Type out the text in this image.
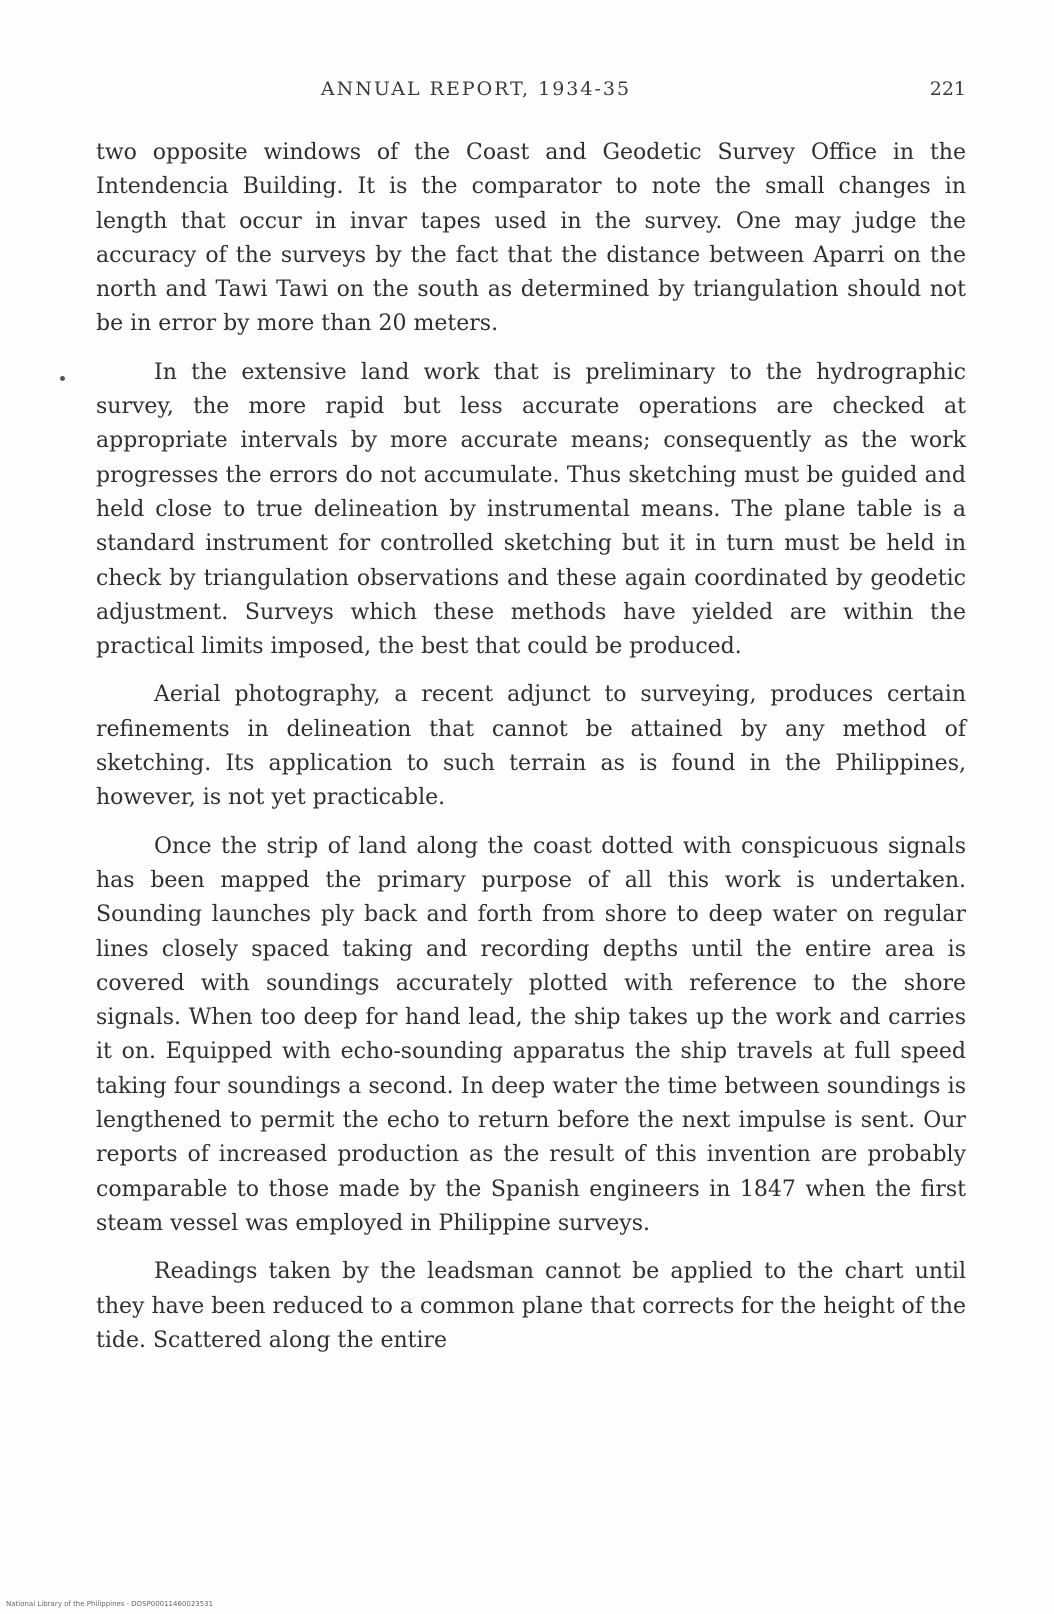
ANNUAL REPORT, 1934-35	221

two opposite windows of the Coast and Geodetic Survey Office in the Intendencia Building. It is the comparator to note the small changes in length that occur in invar tapes used in the survey. One may judge the accuracy of the surveys by the fact that the distance between Aparri on the north and Tawi Tawi on the south as determined by triangulation should not be in error by more than 20 meters.

In the extensive land work that is preliminary to the hydrographic survey, the more rapid but less accurate operations are checked at appropriate intervals by more accurate means; consequently as the work progresses the errors do not accumulate. Thus sketching must be guided and held close to true delineation by instrumental means. The plane table is a standard instrument for controlled sketching but it in turn must be held in check by triangulation observations and these again coordinated by geodetic adjustment. Surveys which these methods have yielded are within the practical limits imposed, the best that could be produced.

Aerial photography, a recent adjunct to surveying, produces certain refinements in delineation that cannot be attained by any method of sketching. Its application to such terrain as is found in the Philippines, however, is not yet practicable.

Once the strip of land along the coast dotted with conspicuous signals has been mapped the primary purpose of all this work is undertaken. Sounding launches ply back and forth from shore to deep water on regular lines closely spaced taking and recording depths until the entire area is covered with soundings accurately plotted with reference to the shore signals. When too deep for hand lead, the ship takes up the work and carries it on. Equipped with echo-sounding apparatus the ship travels at full speed taking four soundings a second. In deep water the time between soundings is lengthened to permit the echo to return before the next impulse is sent. Our reports of increased production as the result of this invention are probably comparable to those made by the Spanish engineers in 1847 when the first steam vessel was employed in Philippine surveys.

Readings taken by the leadsman cannot be applied to the chart until they have been reduced to a common plane that corrects for the height of the tide. Scattered along the entire

National Library of the Philippines · DOSP00011460023531
